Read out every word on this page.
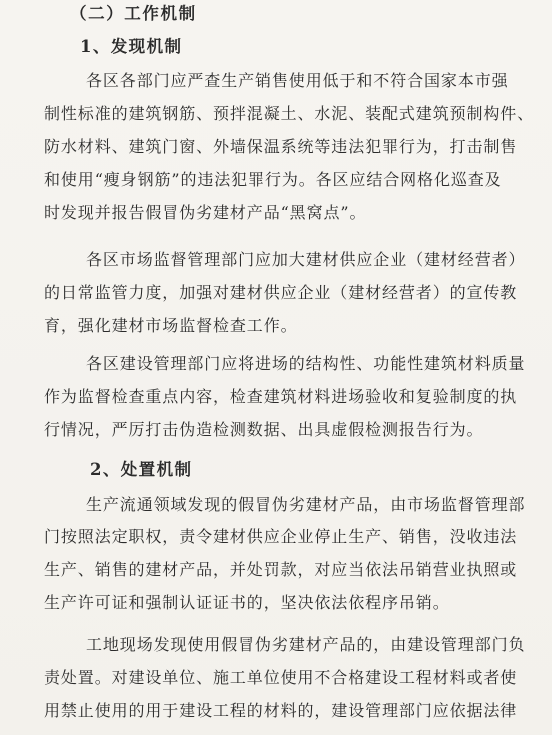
（二）工作机制
1、发现机制
各区各部门应严查生产销售使用低于和不符合国家本市强
制性标准的建筑钢筋、预拌混凝土、水泥、装配式建筑预制构件、
防水材料、建筑门窗、外墙保温系统等违法犯罪行为，打击制售
和使用“瘦身钢筋”的违法犯罪行为。各区应结合网格化巡查及
时发现并报告假冒伪劣建材产品“黑窝点”。
各区市场监督管理部门应加大建材供应企业（建材经营者）
的日常监管力度，加强对建材供应企业（建材经营者）的宣传教
育，强化建材市场监督检查工作。
各区建设管理部门应将进场的结构性、功能性建筑材料质量
作为监督检查重点内容，检查建筑材料进场验收和复验制度的执
行情况，严厉打击伪造检测数据、出具虚假检测报告行为。
2、处置机制
生产流通领域发现的假冒伪劣建材产品，由市场监督管理部
门按照法定职权，责令建材供应企业停止生产、销售，没收违法
生产、销售的建材产品，并处罚款，对应当依法吊销营业执照或
生产许可证和强制认证证书的，坚决依法依程序吊销。
工地现场发现使用假冒伪劣建材产品的，由建设管理部门负
责处置。对建设单位、施工单位使用不合格建设工程材料或者使
用禁止使用的用于建设工程的材料的，建设管理部门应依据法律
